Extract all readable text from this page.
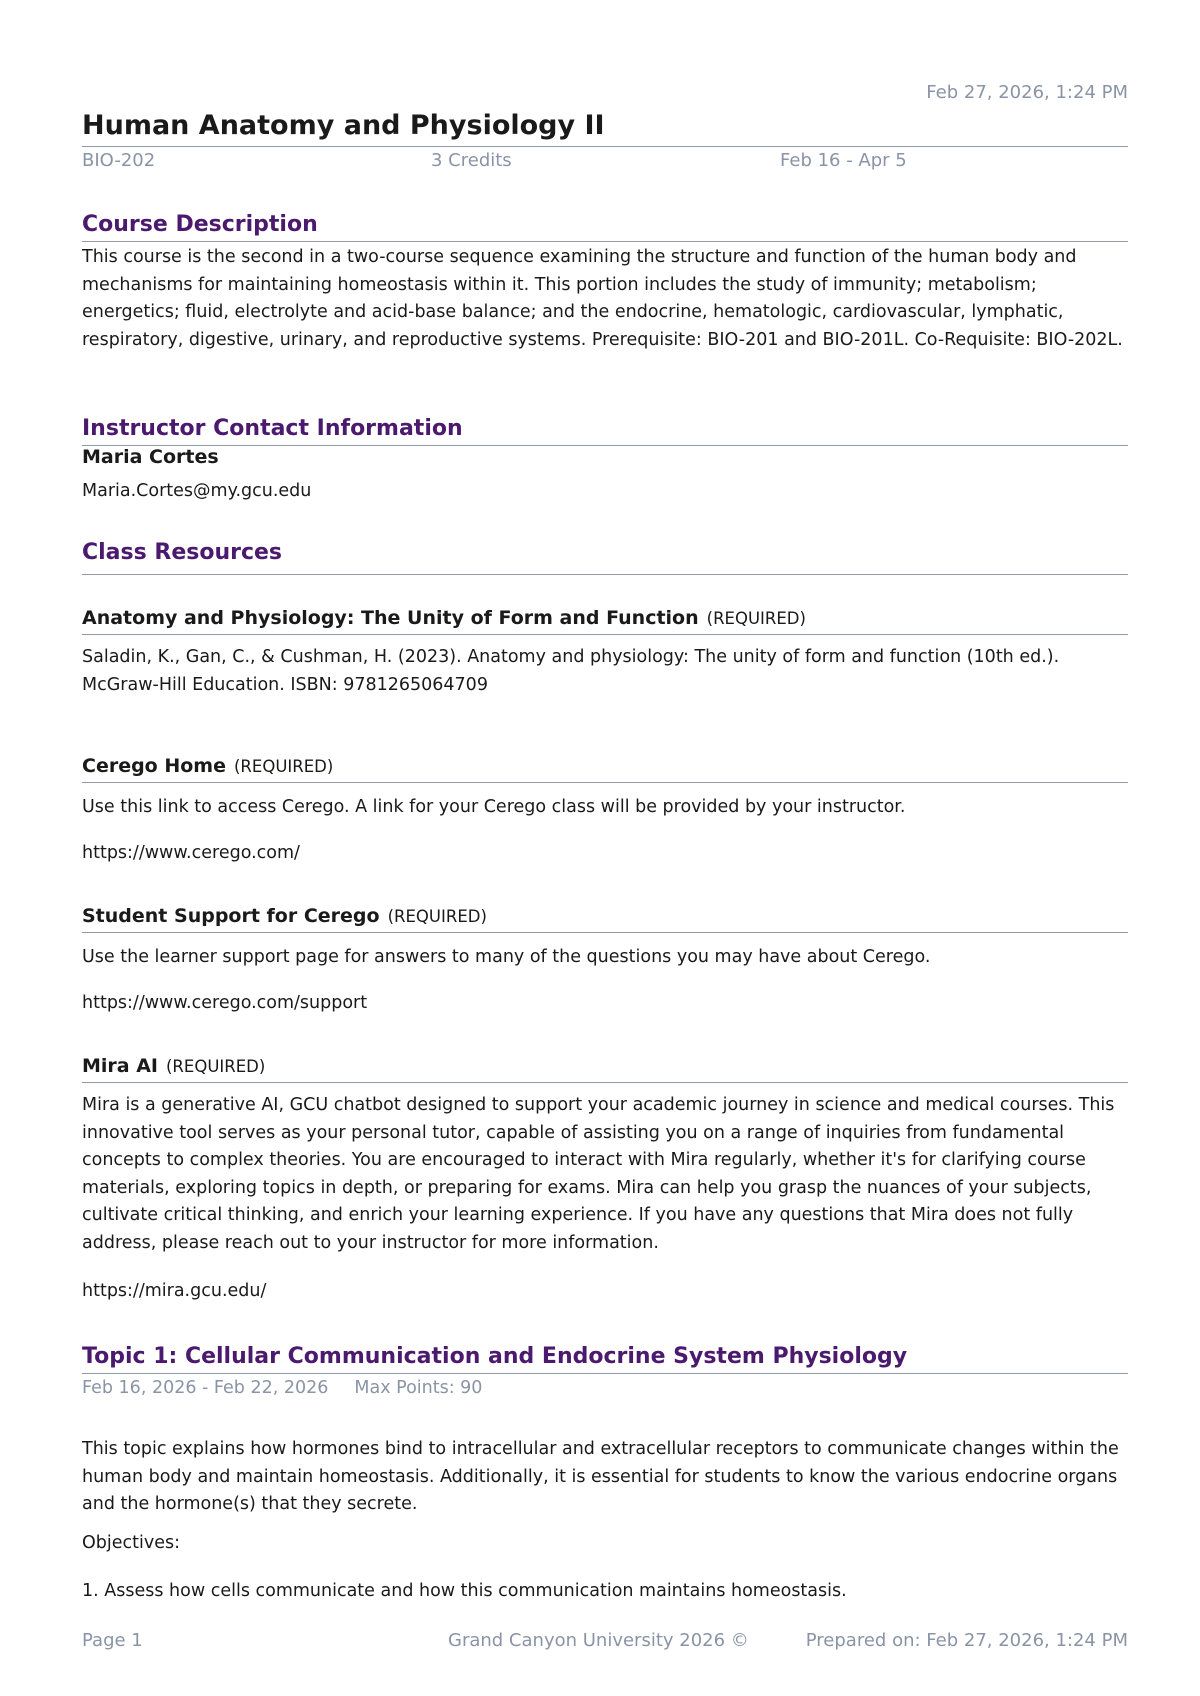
Feb 27, 2026, 1:24 PM
Human Anatomy and Physiology II
BIO-202	3 Credits	Feb 16 - Apr 5
Course Description
This course is the second in a two-course sequence examining the structure and function of the human body and mechanisms for maintaining homeostasis within it. This portion includes the study of immunity; metabolism; energetics; fluid, electrolyte and acid-base balance; and the endocrine, hematologic, cardiovascular, lymphatic, respiratory, digestive, urinary, and reproductive systems. Prerequisite: BIO-201 and BIO-201L. Co-Requisite: BIO-202L.
Instructor Contact Information
Maria Cortes
Maria.Cortes@my.gcu.edu
Class Resources
Anatomy and Physiology: The Unity of Form and Function (REQUIRED)
Saladin, K., Gan, C., & Cushman, H. (2023). Anatomy and physiology: The unity of form and function (10th ed.). McGraw-Hill Education. ISBN: 9781265064709
Cerego Home (REQUIRED)
Use this link to access Cerego. A link for your Cerego class will be provided by your instructor.
https://www.cerego.com/
Student Support for Cerego (REQUIRED)
Use the learner support page for answers to many of the questions you may have about Cerego.
https://www.cerego.com/support
Mira AI (REQUIRED)
Mira is a generative AI, GCU chatbot designed to support your academic journey in science and medical courses. This innovative tool serves as your personal tutor, capable of assisting you on a range of inquiries from fundamental concepts to complex theories. You are encouraged to interact with Mira regularly, whether it's for clarifying course materials, exploring topics in depth, or preparing for exams. Mira can help you grasp the nuances of your subjects, cultivate critical thinking, and enrich your learning experience. If you have any questions that Mira does not fully address, please reach out to your instructor for more information.
https://mira.gcu.edu/
Topic 1: Cellular Communication and Endocrine System Physiology
Feb 16, 2026 - Feb 22, 2026 Max Points: 90
This topic explains how hormones bind to intracellular and extracellular receptors to communicate changes within the human body and maintain homeostasis. Additionally, it is essential for students to know the various endocrine organs and the hormone(s) that they secrete.
Objectives:
1. Assess how cells communicate and how this communication maintains homeostasis.
Page 1	Grand Canyon University 2026 ©	Prepared on: Feb 27, 2026, 1:24 PM
